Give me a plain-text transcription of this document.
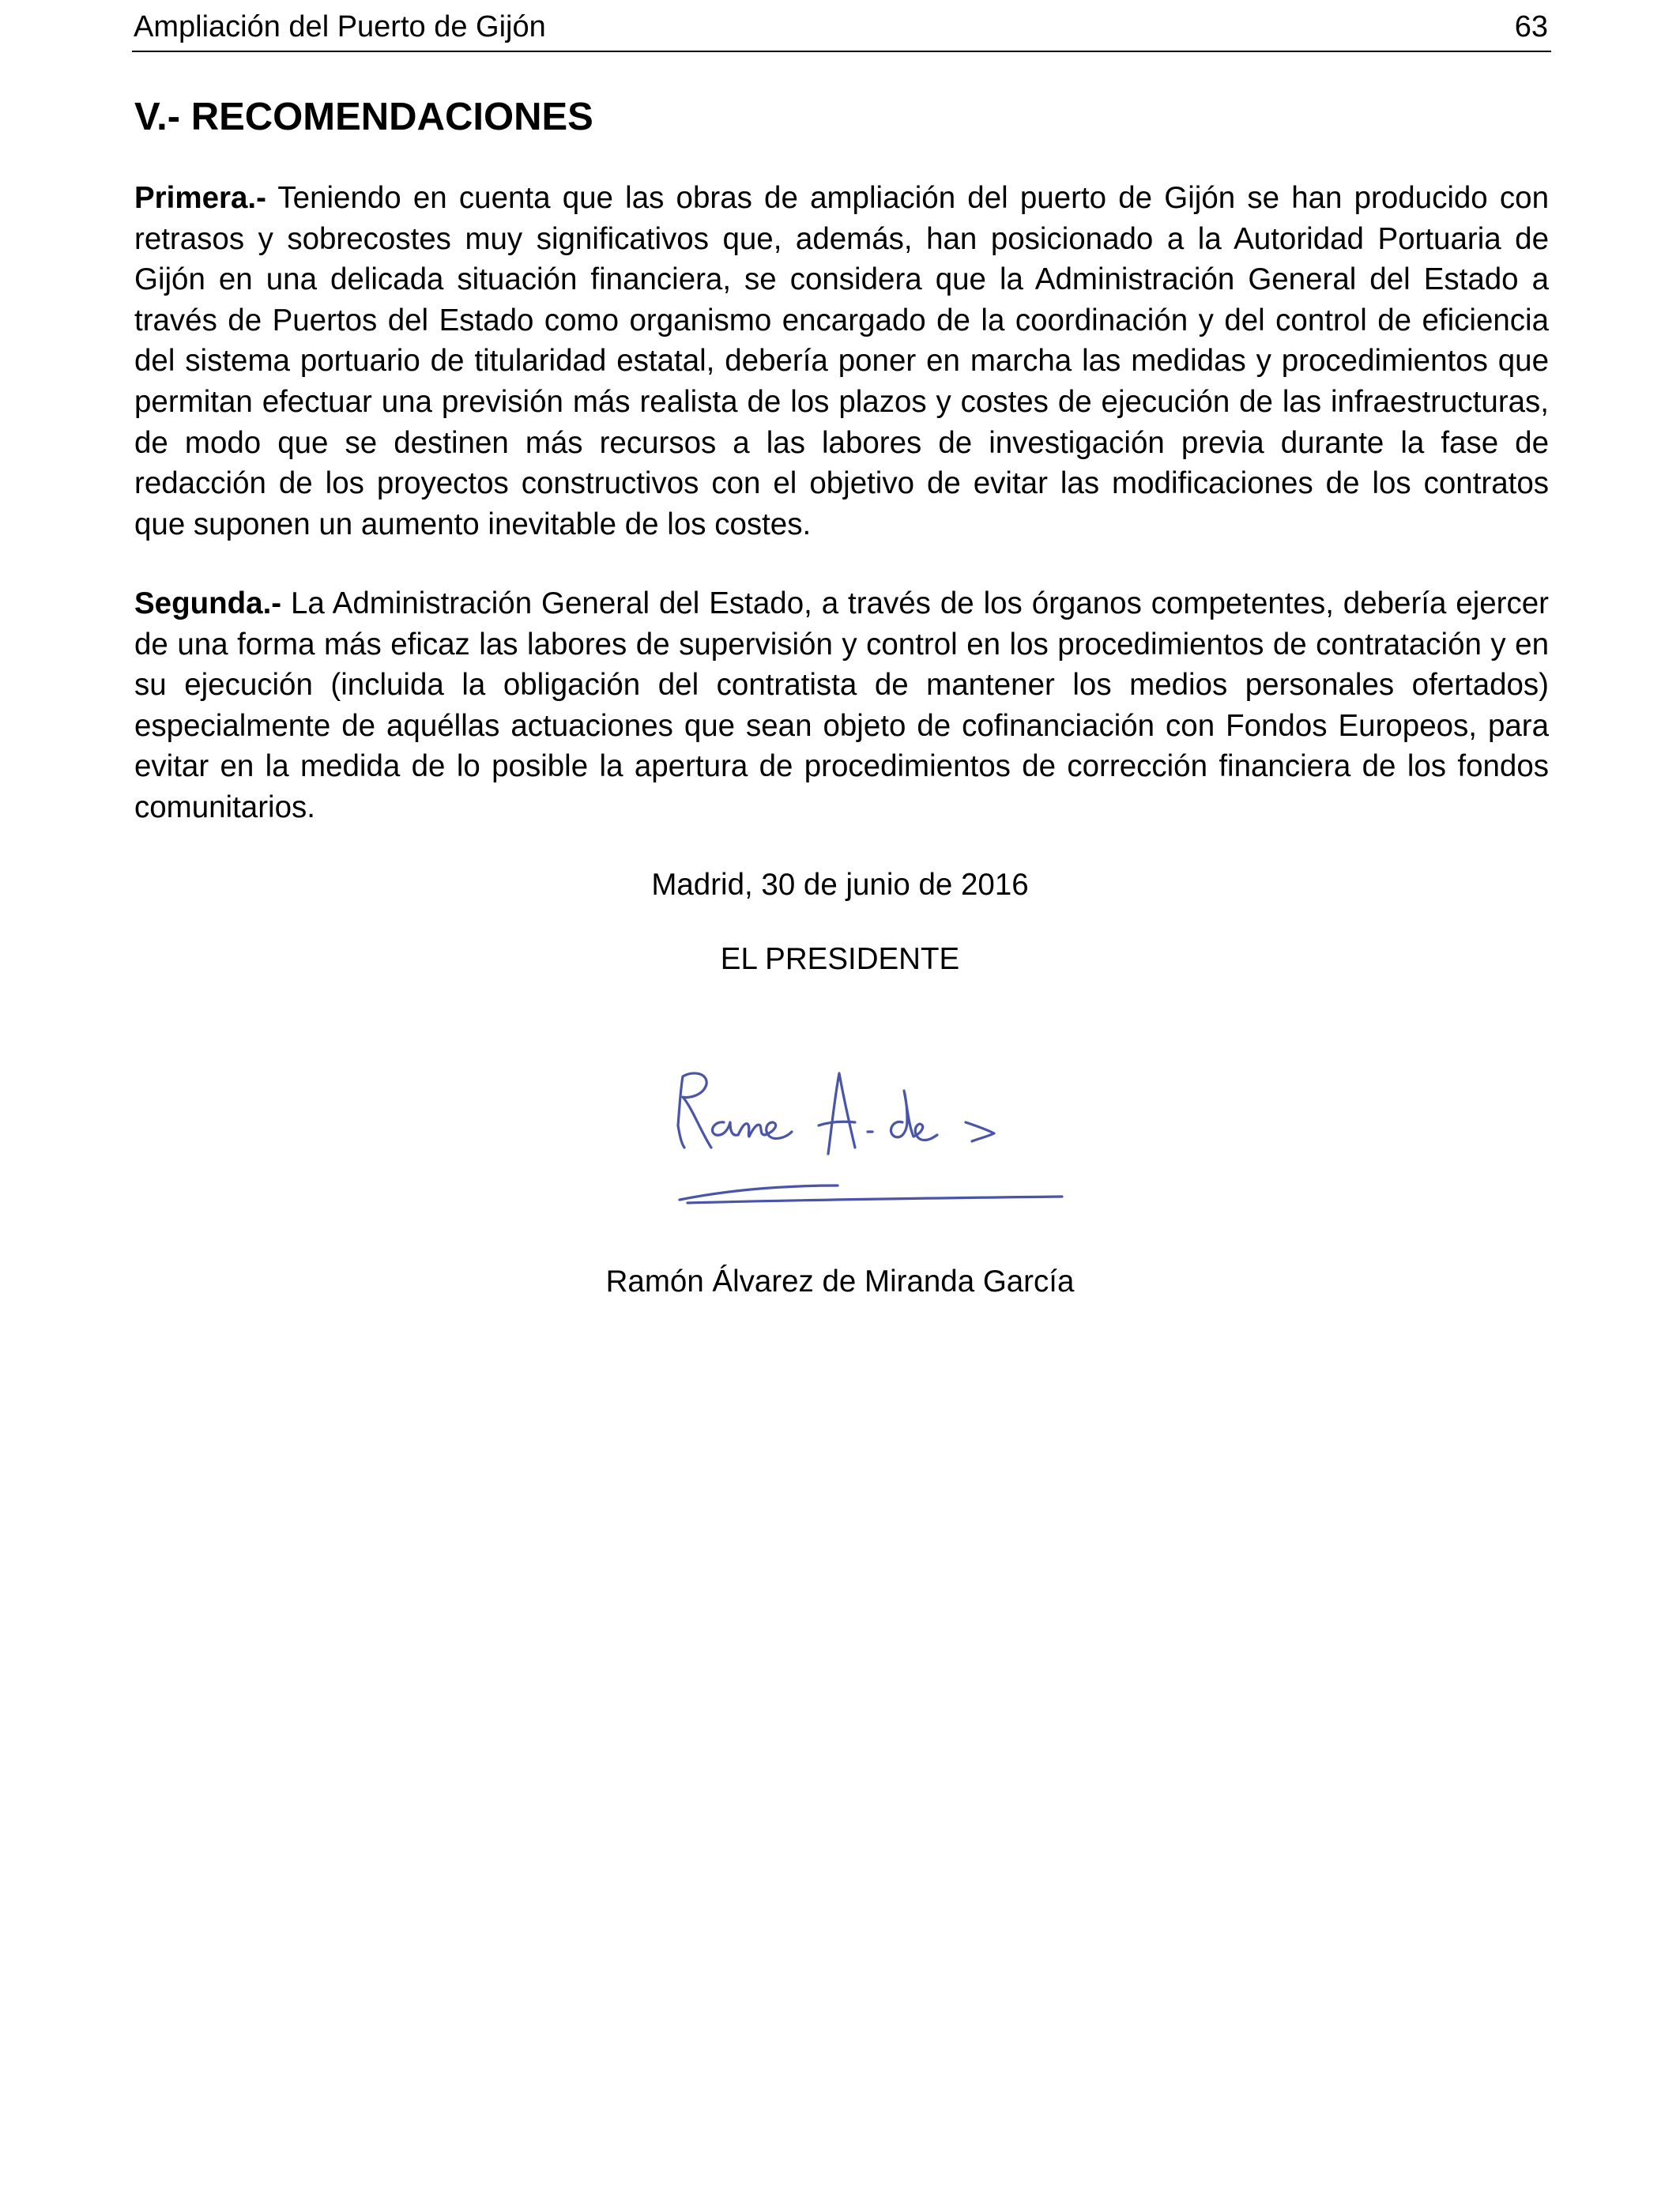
Ampliación del Puerto de Gijón	63
V.- RECOMENDACIONES

Primera.- Teniendo en cuenta que las obras de ampliación del puerto de Gijón se han producido con retrasos y sobrecostes muy significativos que, además, han posicionado a la Autoridad Portuaria de Gijón en una delicada situación financiera, se considera que la Administración General del Estado a través de Puertos del Estado como organismo encargado de la coordinación y del control de eficiencia del sistema portuario de titularidad estatal, debería poner en marcha las medidas y procedimientos que permitan efectuar una previsión más realista de los plazos y costes de ejecución de las infraestructuras, de modo que se destinen más recursos a las labores de investigación previa durante la fase de redacción de los proyectos constructivos con el objetivo de evitar las modificaciones de los contratos que suponen un aumento inevitable de los costes.

Segunda.- La Administración General del Estado, a través de los órganos competentes, debería ejercer de una forma más eficaz las labores de supervisión y control en los procedimientos de contratación y en su ejecución (incluida la obligación del contratista de mantener los medios personales ofertados) especialmente de aquéllas actuaciones que sean objeto de cofinanciación con Fondos Europeos, para evitar en la medida de lo posible la apertura de procedimientos de corrección financiera de los fondos comunitarios.

Madrid, 30 de junio de 2016

EL PRESIDENTE

Ramón Álvarez de Miranda García
